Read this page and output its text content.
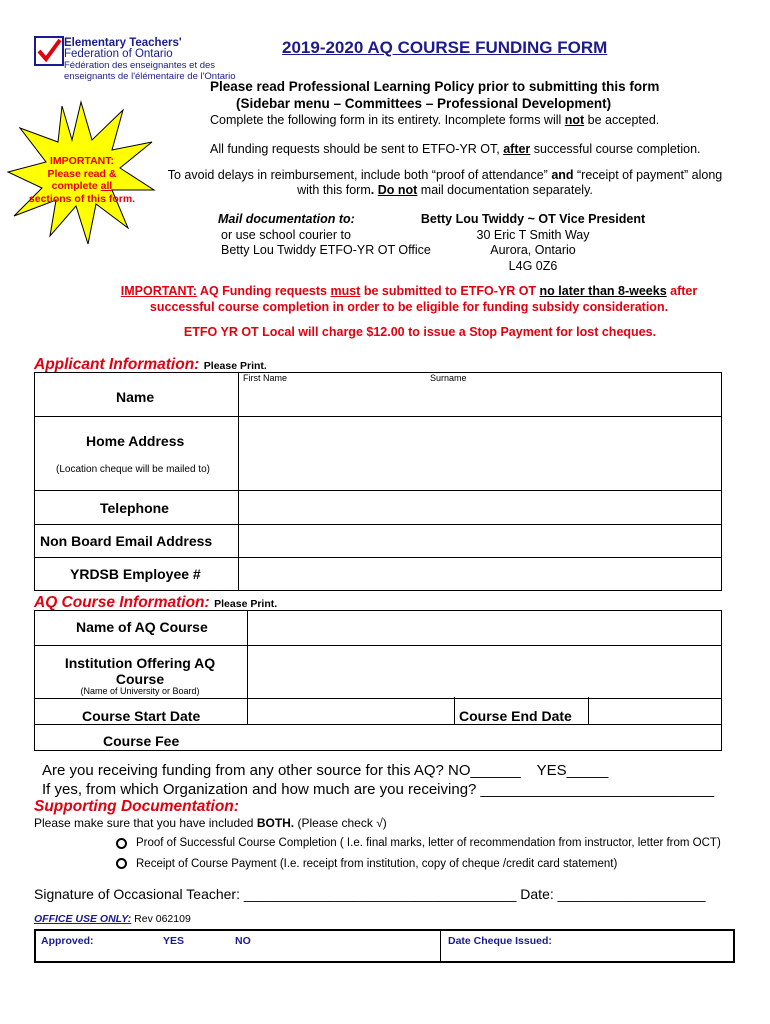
Elementary Teachers'
Federation of Ontario
Fédération des enseignantes et des
enseignants de l'élémentaire de l'Ontario
2019-2020 AQ COURSE FUNDING FORM
Please read Professional Learning Policy prior to submitting this form
(Sidebar menu – Committees – Professional Development)
Complete the following form in its entirety. Incomplete forms will not be accepted.
All funding requests should be sent to ETFO-YR OT, after successful course completion.
To avoid delays in reimbursement, include both “proof of attendance” and “receipt of payment” along
with this form. Do not mail documentation separately.
IMPORTANT:
Please read &
complete all
sections of this form.
Mail documentation to:
or use school courier to
Betty Lou Twiddy ETFO-YR OT Office
Betty Lou Twiddy ~ OT Vice President
30 Eric T Smith Way
Aurora, Ontario
L4G 0Z6
IMPORTANT: AQ Funding requests must be submitted to ETFO-YR OT no later than 8-weeks after
successful course completion in order to be eligible for funding subsidy consideration.
ETFO YR OT Local will charge $12.00 to issue a Stop Payment for lost cheques.
Applicant Information: Please Print.
First Name	Surname
Name
Home Address
(Location cheque will be mailed to)
Telephone
Non Board Email Address
YRDSB Employee #
AQ Course Information: Please Print.
Name of AQ Course
Institution Offering AQ
Course
(Name of University or Board)
Course Start Date	Course End Date
Course Fee
Are you receiving funding from any other source for this AQ? NO______ YES_____
If yes, from which Organization and how much are you receiving? ____________________________
Supporting Documentation:
Please make sure that you have included BOTH. (Please check √)
Proof of Successful Course Completion ( I.e. final marks, letter of recommendation from instructor, letter from OCT)
Receipt of Course Payment (I.e. receipt from institution, copy of cheque /credit card statement)
Signature of Occasional Teacher: ___________________________________ Date: ___________________
OFFICE USE ONLY: Rev 062109
Approved:	YES	NO	Date Cheque Issued:
